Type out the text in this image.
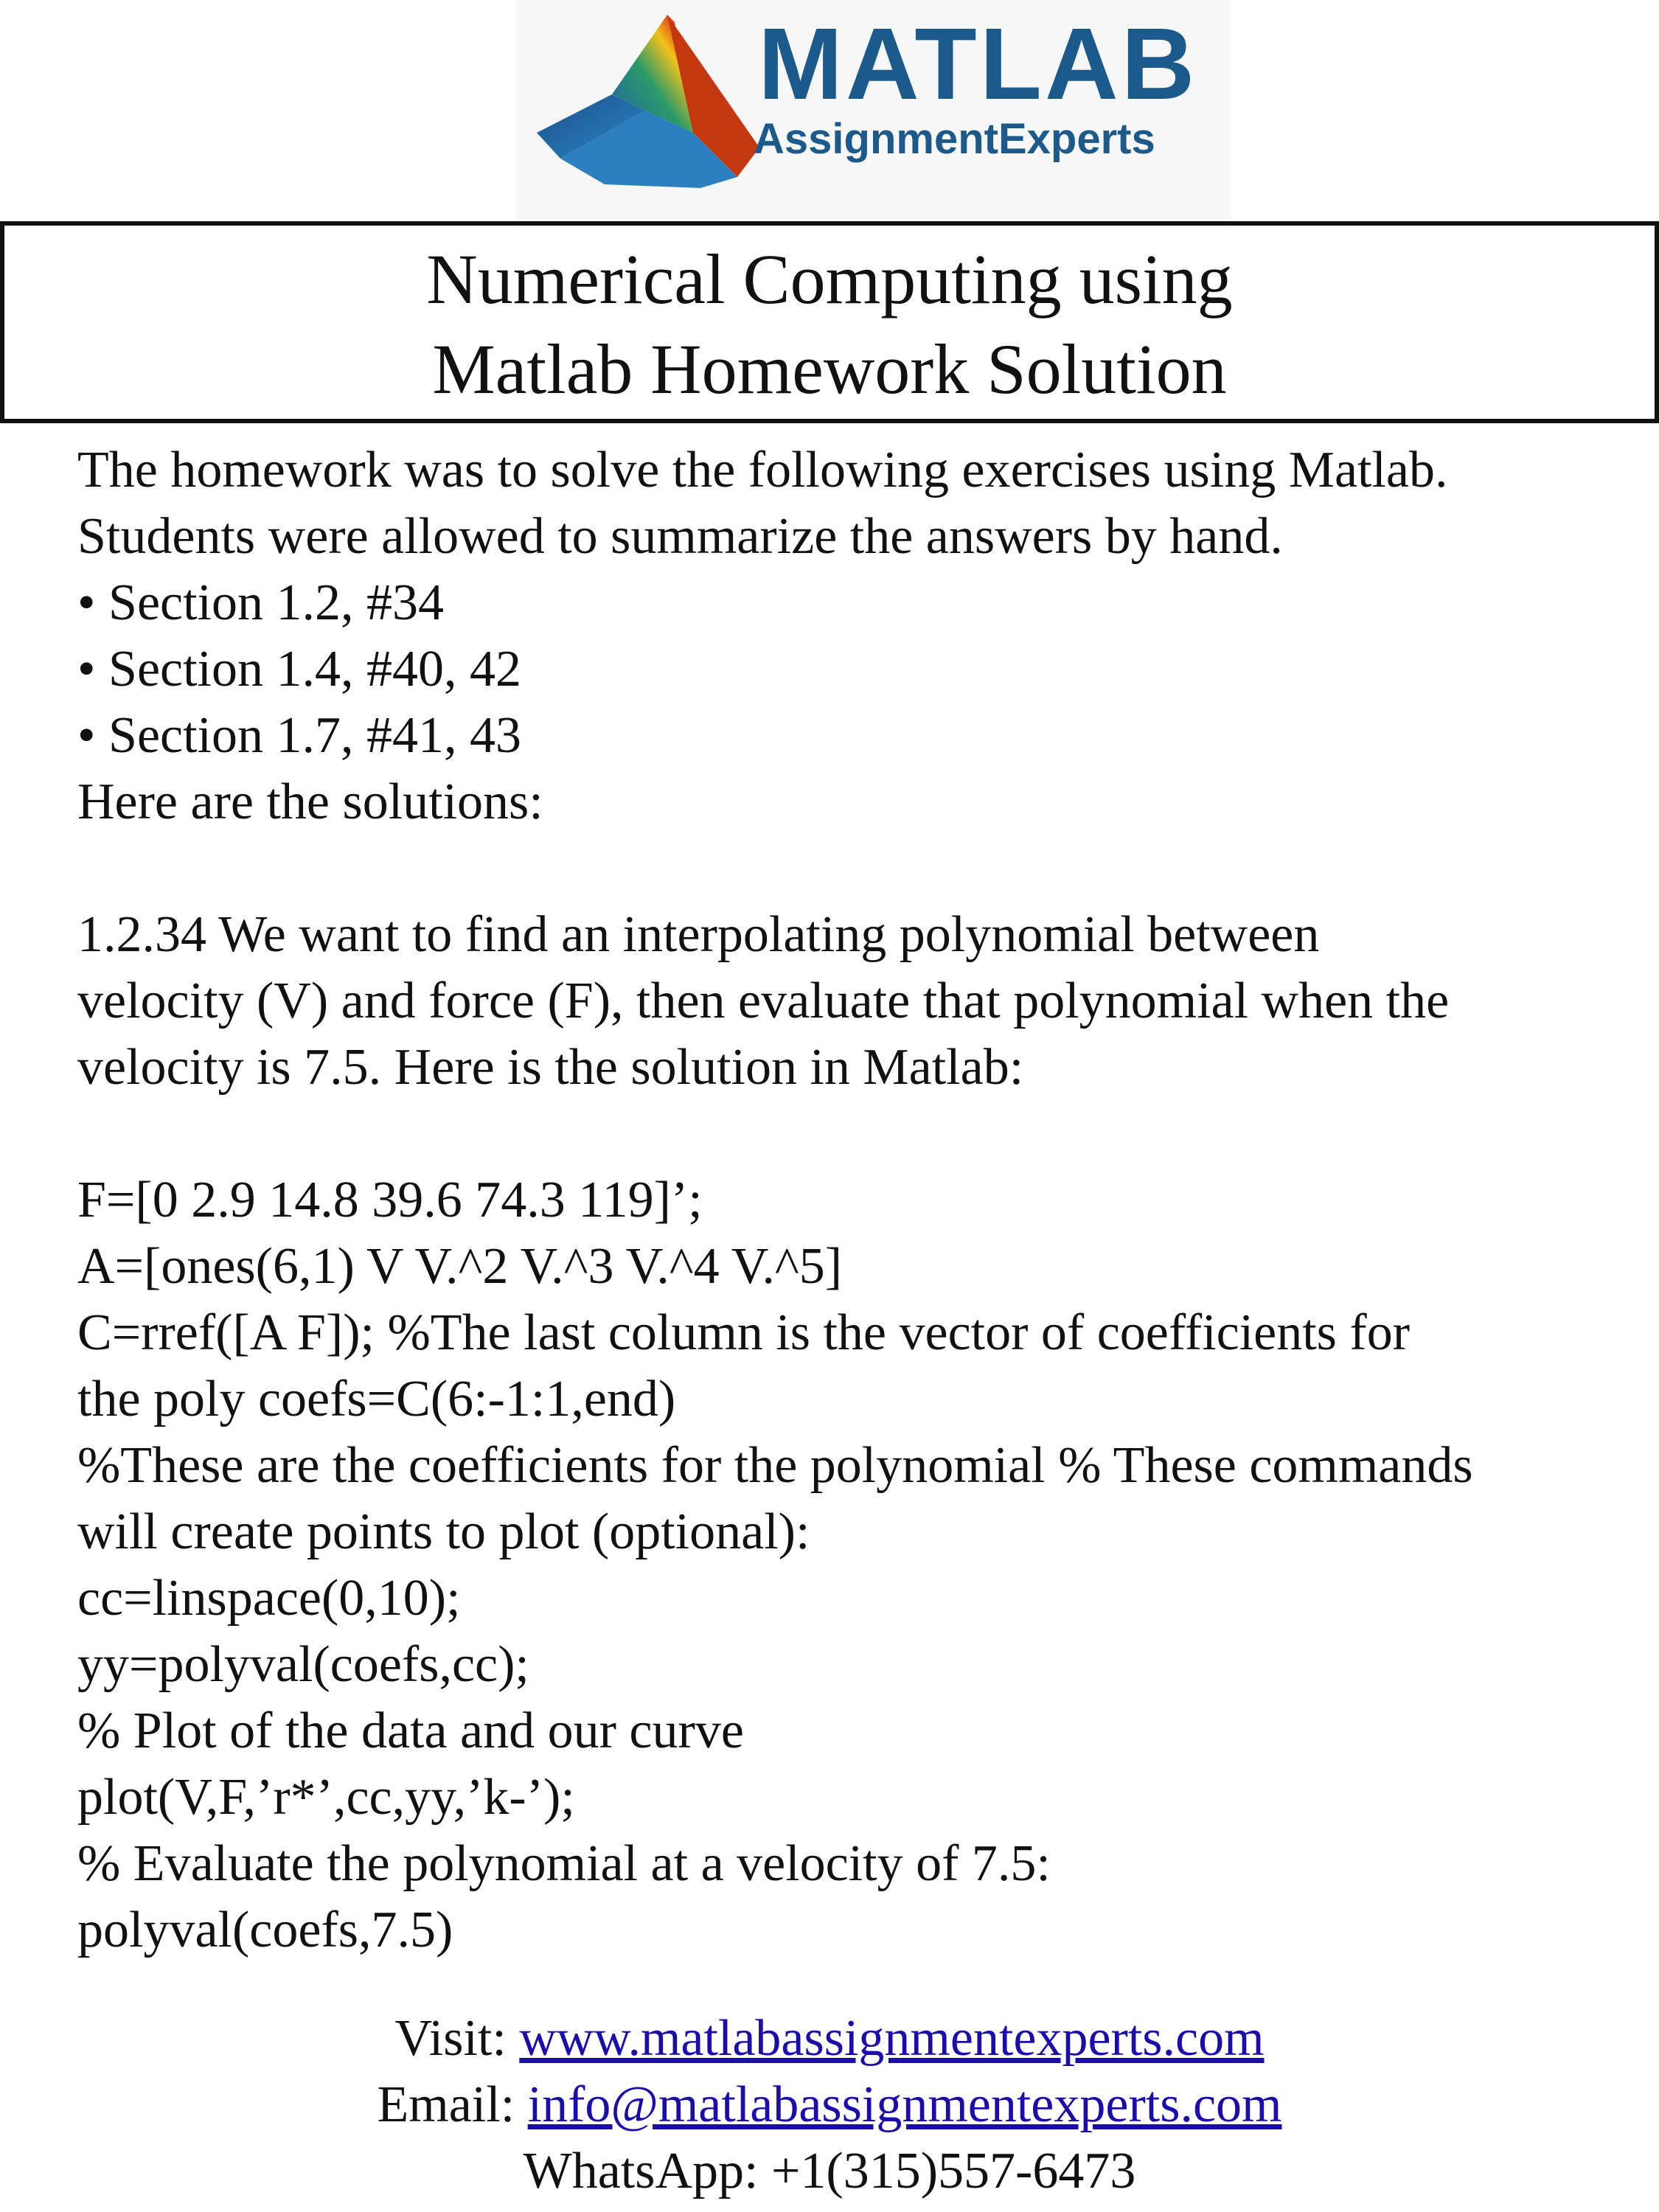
MATLAB
AssignmentExperts
Numerical Computing using
Matlab Homework Solution
The homework was to solve the following exercises using Matlab.
Students were allowed to summarize the answers by hand.
• Section 1.2, #34
• Section 1.4, #40, 42
• Section 1.7, #41, 43
Here are the solutions:
1.2.34 We want to find an interpolating polynomial between
velocity (V) and force (F), then evaluate that polynomial when the
velocity is 7.5. Here is the solution in Matlab:
F=[0 2.9 14.8 39.6 74.3 119]’;
A=[ones(6,1) V V.^2 V.^3 V.^4 V.^5]
C=rref([A F]); %The last column is the vector of coefficients for
the poly coefs=C(6:-1:1,end)
%These are the coefficients for the polynomial % These commands
will create points to plot (optional):
cc=linspace(0,10);
yy=polyval(coefs,cc);
% Plot of the data and our curve
plot(V,F,’r*’,cc,yy,’k-’);
% Evaluate the polynomial at a velocity of 7.5:
polyval(coefs,7.5)
Visit: www.matlabassignmentexperts.com
Email: info@matlabassignmentexperts.com
WhatsApp: +1(315)557-6473
